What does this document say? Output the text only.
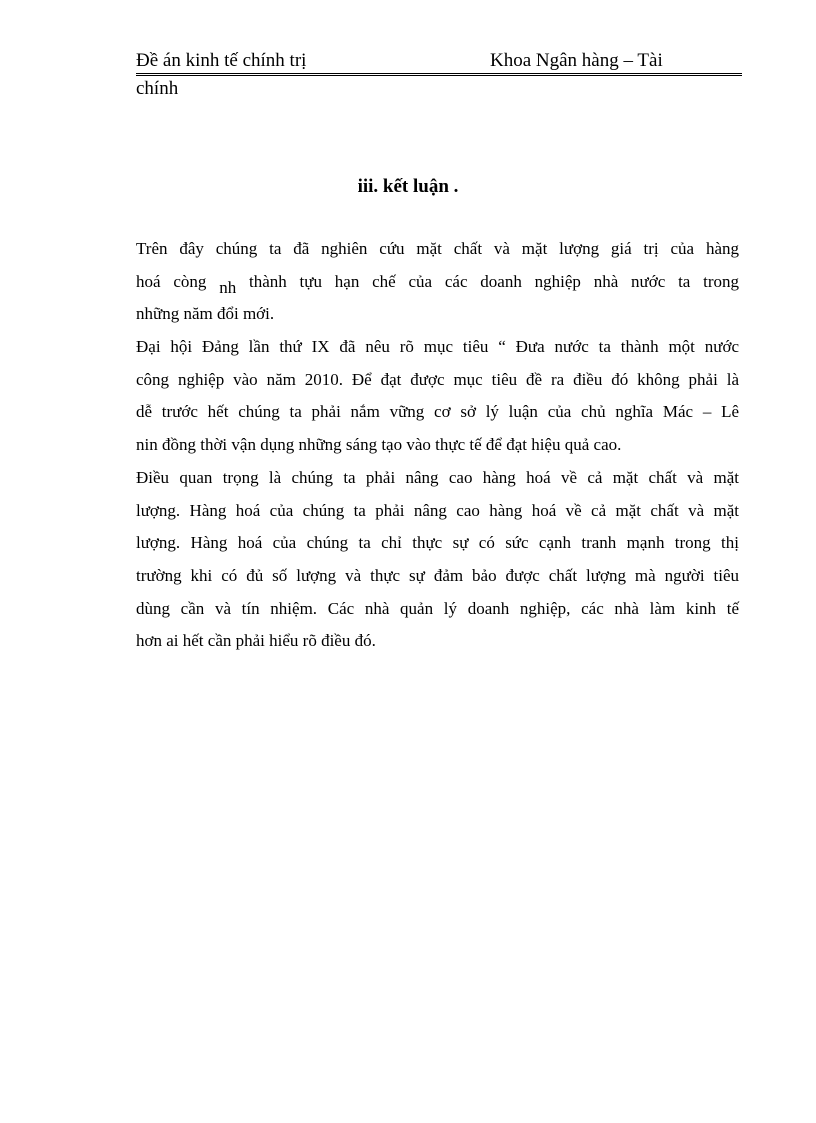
Đề án kinh tế chính trị	Khoa Ngân hàng – Tài
chính
iii. kết luận .
Trên đây chúng ta đã nghiên cứu mặt chất và mặt lượng giá trị của hàng
hoá còng nh thành tựu hạn chế của các doanh nghiệp nhà nước ta trong
những năm đổi mới.
Đại hội Đảng lần thứ IX đã nêu rõ mục tiêu “ Đưa nước ta thành một nước
công nghiệp vào năm 2010. Để đạt được mục tiêu đề ra điều đó không phải là
dễ trước hết chúng ta phải nắm vững cơ sở lý luận của chủ nghĩa Mác – Lê
nin đồng thời vận dụng những sáng tạo vào thực tế để đạt hiệu quả cao.
Điều quan trọng là chúng ta phải nâng cao hàng hoá về cả mặt chất và mặt
lượng. Hàng hoá của chúng ta phải nâng cao hàng hoá về cả mặt chất và mặt
lượng. Hàng hoá của chúng ta chỉ thực sự có sức cạnh tranh mạnh trong thị
trường khi có đủ số lượng và thực sự đảm bảo được chất lượng mà người tiêu
dùng cần và tín nhiệm. Các nhà quản lý doanh nghiệp, các nhà làm kinh tế
hơn ai hết cần phải hiểu rõ điều đó.
